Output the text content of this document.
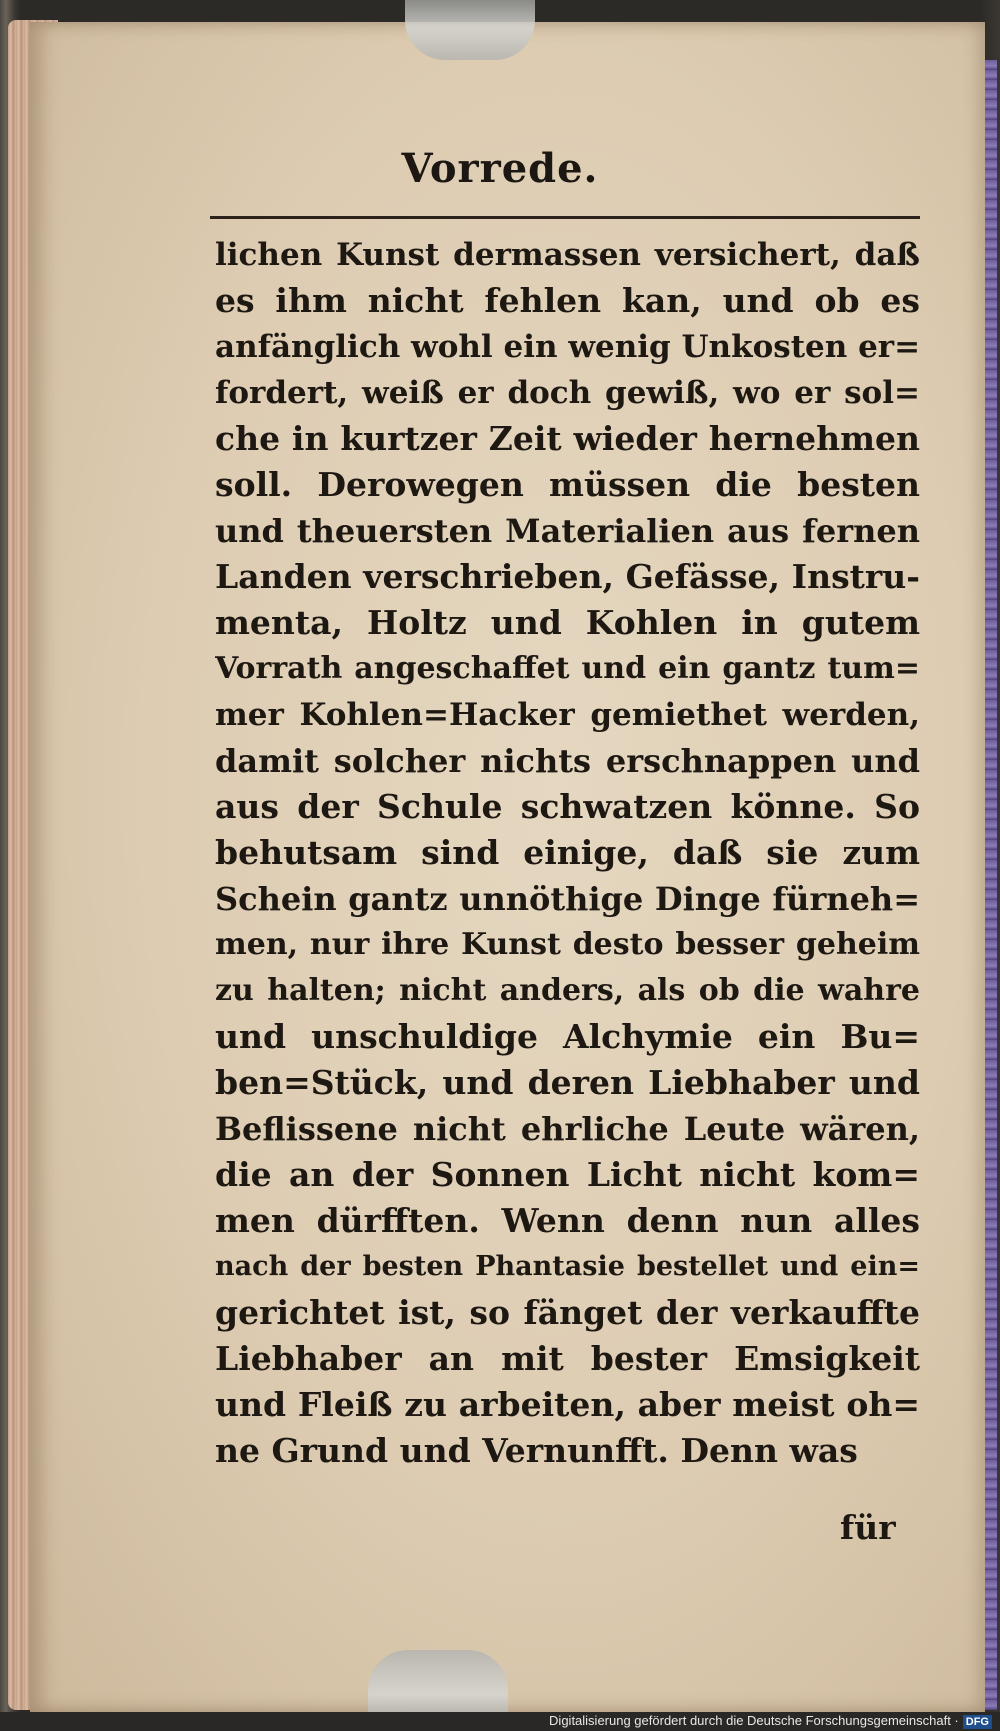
Vorrede.
lichen Kunst dermassen versichert, daß
es ihm nicht fehlen kan, und ob es
anfänglich wohl ein wenig Unkosten er=
fordert, weiß er doch gewiß, wo er sol=
che in kurtzer Zeit wieder hernehmen
soll. Derowegen müssen die besten
und theuersten Materialien aus fernen
Landen verschrieben, Gefässe, Instru-
menta, Holtz und Kohlen in gutem
Vorrath angeschaffet und ein gantz tum=
mer Kohlen=Hacker gemiethet werden,
damit solcher nichts erschnappen und
aus der Schule schwatzen könne. So
behutsam sind einige, daß sie zum
Schein gantz unnöthige Dinge fürneh=
men, nur ihre Kunst desto besser geheim
zu halten; nicht anders, als ob die wahre
und unschuldige Alchymie ein Bu=
ben=Stück, und deren Liebhaber und
Beflissene nicht ehrliche Leute wären,
die an der Sonnen Licht nicht kom=
men dürfften. Wenn denn nun alles
nach der besten Phantasie bestellet und ein=
gerichtet ist, so fänget der verkauffte
Liebhaber an mit bester Emsigkeit
und Fleiß zu arbeiten, aber meist oh=
ne Grund und Vernunfft. Denn was
für
Digitalisierung gefördert durch die Deutsche Forschungsgemeinschaft · DFG
